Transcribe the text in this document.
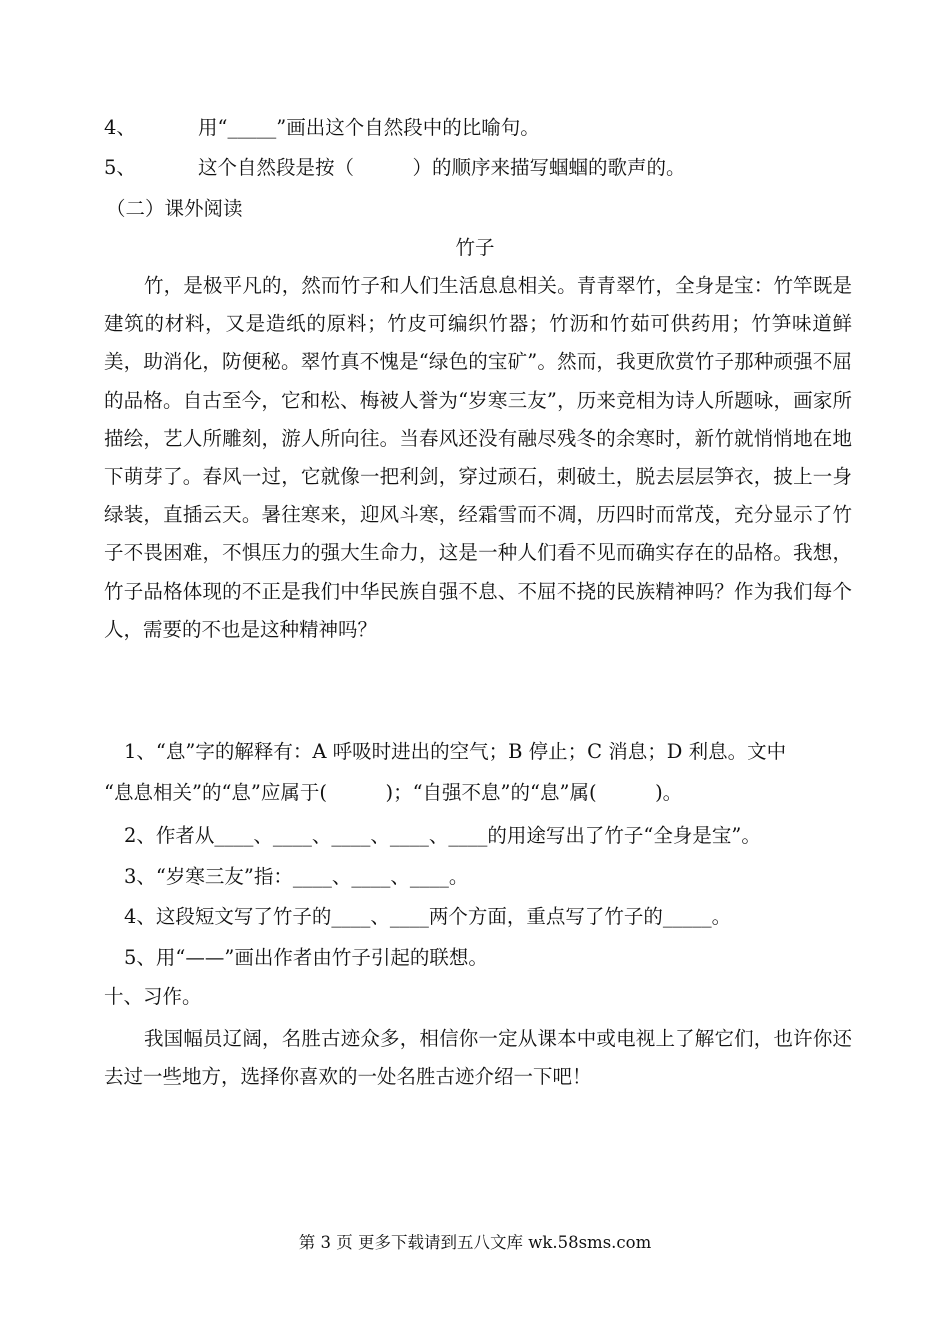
4、	用“_____”画出这个自然段中的比喻句。
5、	这个自然段是按（　　　）的顺序来描写蝈蝈的歌声的。
（二）课外阅读
竹子
竹，是极平凡的，然而竹子和人们生活息息相关。青青翠竹，全身是宝：竹竿既是建筑的材料，又是造纸的原料；竹皮可编织竹器；竹沥和竹茹可供药用；竹笋味道鲜美，助消化，防便秘。翠竹真不愧是“绿色的宝矿”。然而，我更欣赏竹子那种顽强不屈的品格。自古至今，它和松、梅被人誉为“岁寒三友”，历来竞相为诗人所题咏，画家所描绘，艺人所雕刻，游人所向往。当春风还没有融尽残冬的余寒时，新竹就悄悄地在地下萌芽了。春风一过，它就像一把利剑，穿过顽石，刺破土，脱去层层笋衣，披上一身绿装，直插云天。暑往寒来，迎风斗寒，经霜雪而不凋，历四时而常茂，充分显示了竹子不畏困难，不惧压力的强大生命力，这是一种人们看不见而确实存在的品格。我想，竹子品格体现的不正是我们中华民族自强不息、不屈不挠的民族精神吗？作为我们每个人，需要的不也是这种精神吗？
1、“息”字的解释有：A 呼吸时进出的空气；B 停止；C 消息；D 利息。文中
“息息相关”的“息”应属于(　　　)；“自强不息”的“息”属(　　　)。
2、作者从____、____、____、____、____的用途写出了竹子“全身是宝”。
3、“岁寒三友”指：____、____、____。
4、这段短文写了竹子的____、____两个方面，重点写了竹子的_____。
5、用“——”画出作者由竹子引起的联想。
十、习作。
我国幅员辽阔，名胜古迹众多，相信你一定从课本中或电视上了解它们，也许你还去过一些地方，选择你喜欢的一处名胜古迹介绍一下吧！
第 3 页 更多下载请到五八文库 wk.58sms.com
